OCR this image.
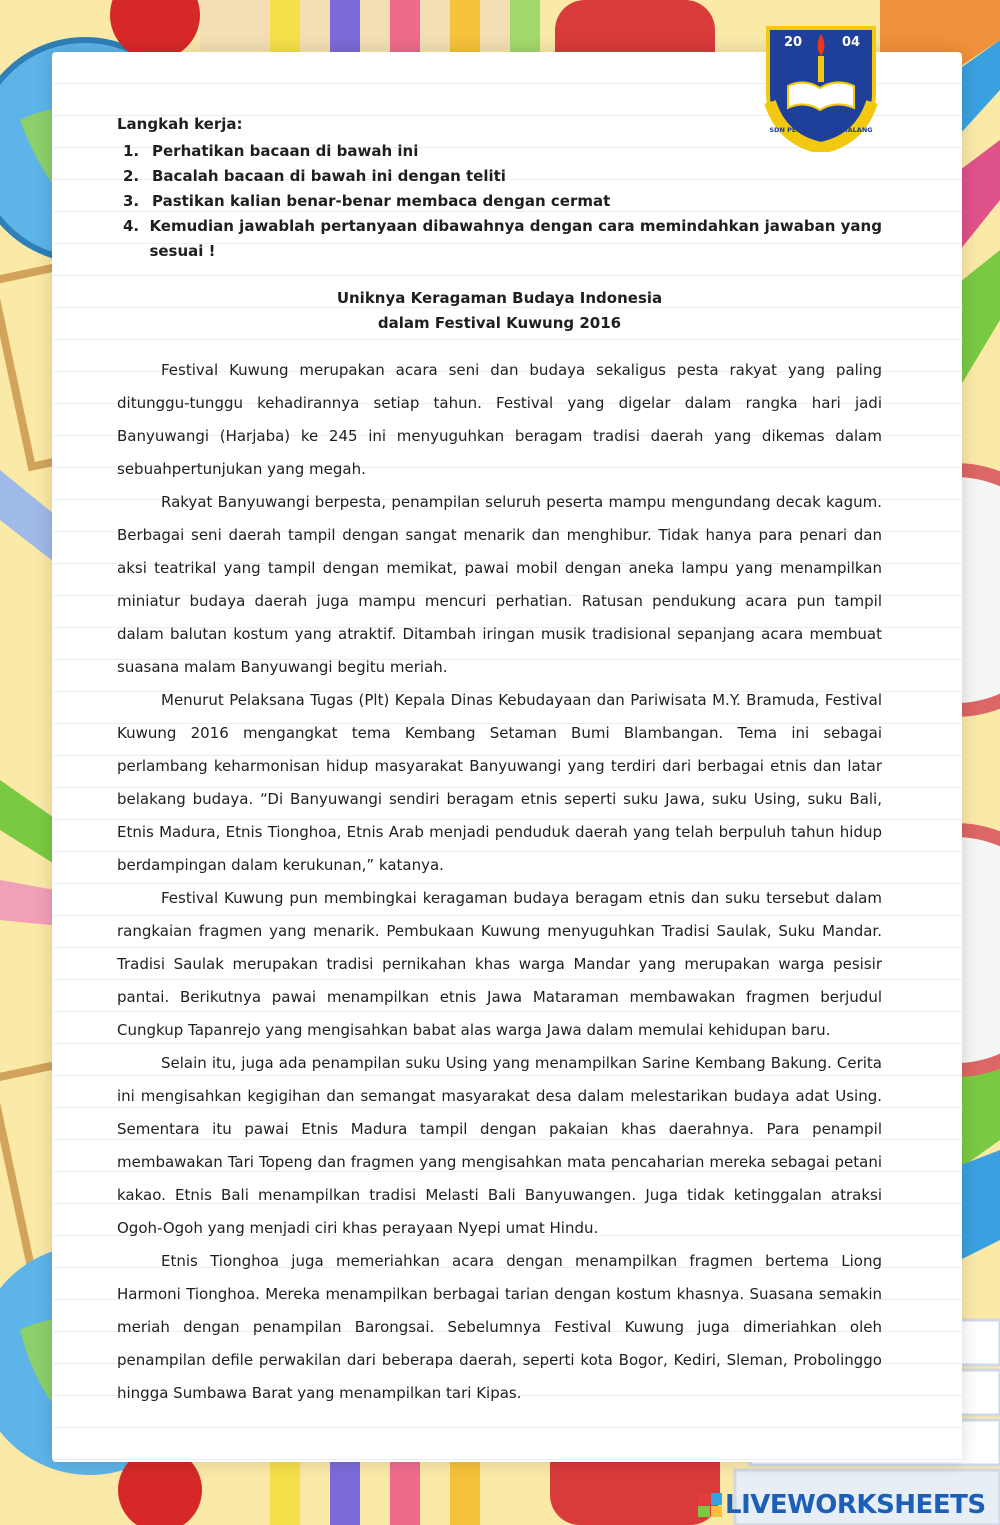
20	04
SDN PERCOBAAN 2 MALANG
Langkah kerja:
1. Perhatikan bacaan di bawah ini
2. Bacalah bacaan di bawah ini dengan teliti
3. Pastikan kalian benar-benar membaca dengan cermat
4. Kemudian jawablah pertanyaan dibawahnya dengan cara memindahkan jawaban yang sesuai !
Uniknya Keragaman Budaya Indonesia
dalam Festival Kuwung 2016

Festival Kuwung merupakan acara seni dan budaya sekaligus pesta rakyat yang paling ditunggu-tunggu kehadirannya setiap tahun. Festival yang digelar dalam rangka hari jadi Banyuwangi (Harjaba) ke 245 ini menyuguhkan beragam tradisi daerah yang dikemas dalam sebuahpertunjukan yang megah.

Rakyat Banyuwangi berpesta, penampilan seluruh peserta mampu mengundang decak kagum. Berbagai seni daerah tampil dengan sangat menarik dan menghibur. Tidak hanya para penari dan aksi teatrikal yang tampil dengan memikat, pawai mobil dengan aneka lampu yang menampilkan miniatur budaya daerah juga mampu mencuri perhatian. Ratusan pendukung acara pun tampil dalam balutan kostum yang atraktif. Ditambah iringan musik tradisional sepanjang acara membuat suasana malam Banyuwangi begitu meriah.

Menurut Pelaksana Tugas (Plt) Kepala Dinas Kebudayaan dan Pariwisata M.Y. Bramuda, Festival Kuwung 2016 mengangkat tema Kembang Setaman Bumi Blambangan. Tema ini sebagai perlambang keharmonisan hidup masyarakat Banyuwangi yang terdiri dari berbagai etnis dan latar belakang budaya. “Di Banyuwangi sendiri beragam etnis seperti suku Jawa, suku Using, suku Bali, Etnis Madura, Etnis Tionghoa, Etnis Arab menjadi penduduk daerah yang telah berpuluh tahun hidup berdampingan dalam kerukunan,” katanya.

Festival Kuwung pun membingkai keragaman budaya beragam etnis dan suku tersebut dalam rangkaian fragmen yang menarik. Pembukaan Kuwung menyuguhkan Tradisi Saulak, Suku Mandar. Tradisi Saulak merupakan tradisi pernikahan khas warga Mandar yang merupakan warga pesisir pantai. Berikutnya pawai menampilkan etnis Jawa Mataraman membawakan fragmen berjudul Cungkup Tapanrejo yang mengisahkan babat alas warga Jawa dalam memulai kehidupan baru.

Selain itu, juga ada penampilan suku Using yang menampilkan Sarine Kembang Bakung. Cerita ini mengisahkan kegigihan dan semangat masyarakat desa dalam melestarikan budaya adat Using. Sementara itu pawai Etnis Madura tampil dengan pakaian khas daerahnya. Para penampil membawakan Tari Topeng dan fragmen yang mengisahkan mata pencaharian mereka sebagai petani kakao. Etnis Bali menampilkan tradisi Melasti Bali Banyuwangen. Juga tidak ketinggalan atraksi Ogoh-Ogoh yang menjadi ciri khas perayaan Nyepi umat Hindu.

Etnis Tionghoa juga memeriahkan acara dengan menampilkan fragmen bertema Liong Harmoni Tionghoa. Mereka menampilkan berbagai tarian dengan kostum khasnya. Suasana semakin meriah dengan penampilan Barongsai. Sebelumnya Festival Kuwung juga dimeriahkan oleh penampilan defile perwakilan dari beberapa daerah, seperti kota Bogor, Kediri, Sleman, Probolinggo hingga Sumbawa Barat yang menampilkan tari Kipas.

LIVEWORKSHEETS
